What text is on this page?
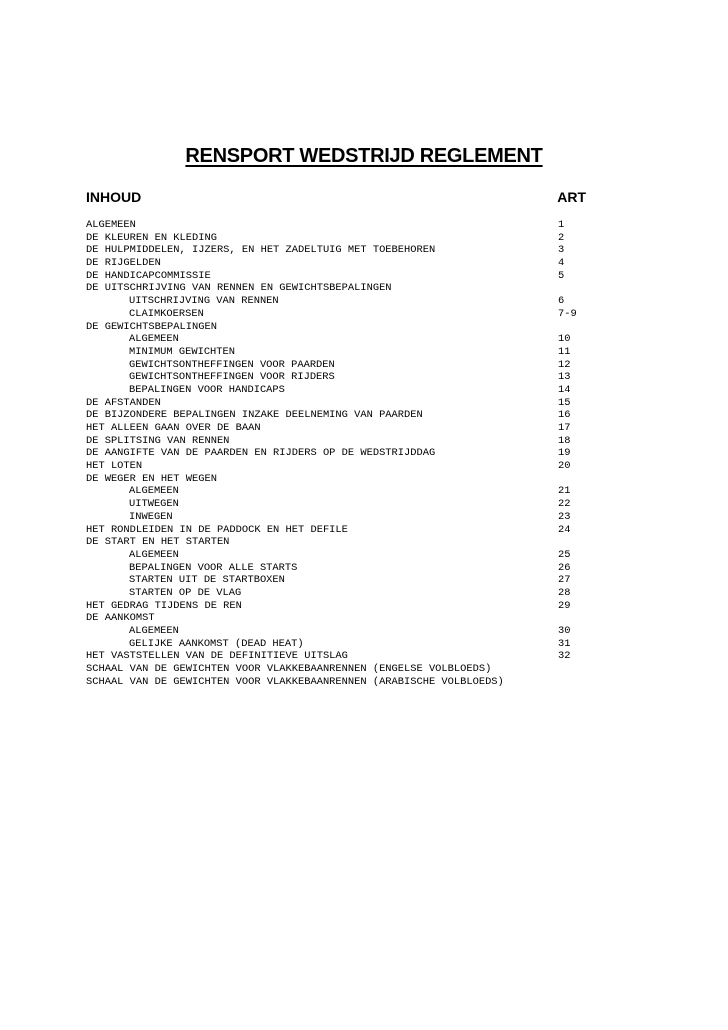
RENSPORT WEDSTRIJD REGLEMENT
INHOUD	ART
ALGEMEEN	1
DE KLEUREN EN KLEDING	2
DE HULPMIDDELEN, IJZERS, EN HET ZADELTUIG MET TOEBEHOREN	3
DE RIJGELDEN	4
DE HANDICAPCOMMISSIE	5
DE UITSCHRIJVING VAN RENNEN EN GEWICHTSBEPALINGEN
UITSCHRIJVING VAN RENNEN	6
CLAIMKOERSEN	7-9
DE GEWICHTSBEPALINGEN
ALGEMEEN	10
MINIMUM GEWICHTEN	11
GEWICHTSONTHEFFINGEN VOOR PAARDEN	12
GEWICHTSONTHEFFINGEN VOOR RIJDERS	13
BEPALINGEN VOOR HANDICAPS	14
DE AFSTANDEN	15
DE BIJZONDERE BEPALINGEN INZAKE DEELNEMING VAN PAARDEN	16
HET ALLEEN GAAN OVER DE BAAN	17
DE SPLITSING VAN RENNEN	18
DE AANGIFTE VAN DE PAARDEN EN RIJDERS OP DE WEDSTRIJDDAG	19
HET LOTEN	20
DE WEGER EN HET WEGEN
ALGEMEEN	21
UITWEGEN	22
INWEGEN	23
HET RONDLEIDEN IN DE PADDOCK EN HET DEFILE	24
DE START EN HET STARTEN
ALGEMEEN	25
BEPALINGEN VOOR ALLE STARTS	26
STARTEN UIT DE STARTBOXEN	27
STARTEN OP DE VLAG	28
HET GEDRAG TIJDENS DE REN	29
DE AANKOMST
ALGEMEEN	30
GELIJKE AANKOMST (DEAD HEAT)	31
HET VASTSTELLEN VAN DE DEFINITIEVE UITSLAG	32
SCHAAL VAN DE GEWICHTEN VOOR VLAKKEBAANRENNEN (ENGELSE VOLBLOEDS)
SCHAAL VAN DE GEWICHTEN VOOR VLAKKEBAANRENNEN (ARABISCHE VOLBLOEDS)
